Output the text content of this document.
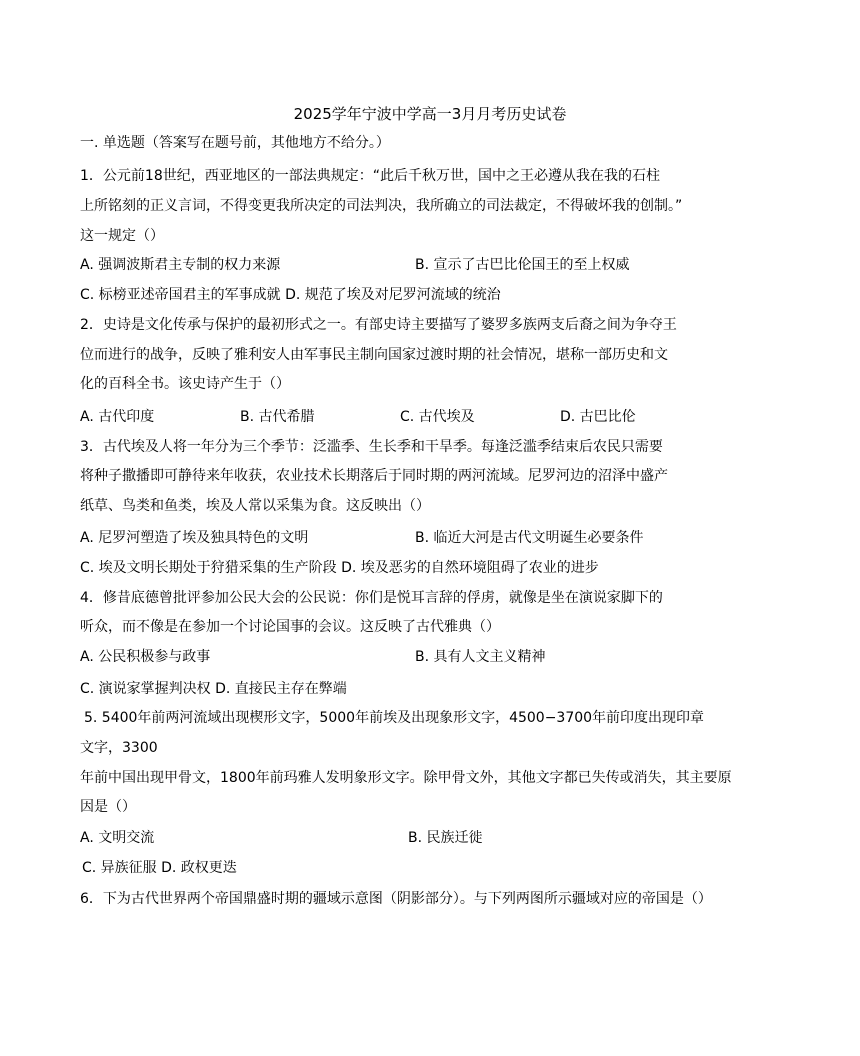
2025学年宁波中学高一3月月考历史试卷
一. 单选题（答案写在题号前，其他地方不给分。）
1．公元前18世纪，西亚地区的一部法典规定：“此后千秋万世，国中之王必遵从我在我的石柱
上所铭刻的正义言词，不得变更我所决定的司法判决，我所确立的司法裁定，不得破坏我的创制。”
这一规定（）
A. 强调波斯君主专制的权力来源	B. 宣示了古巴比伦国王的至上权威
C. 标榜亚述帝国君主的军事成就 D. 规范了埃及对尼罗河流域的统治
2．史诗是文化传承与保护的最初形式之一。有部史诗主要描写了婆罗多族两支后裔之间为争夺王
位而进行的战争，反映了雅利安人由军事民主制向国家过渡时期的社会情况，堪称一部历史和文
化的百科全书。该史诗产生于（）
A. 古代印度	B. 古代希腊	C. 古代埃及	D. 古巴比伦
3．古代埃及人将一年分为三个季节：泛滥季、生长季和干旱季。每逢泛滥季结束后农民只需要
将种子撒播即可静待来年收获，农业技术长期落后于同时期的两河流域。尼罗河边的沼泽中盛产
纸草、鸟类和鱼类，埃及人常以采集为食。这反映出（）
A. 尼罗河塑造了埃及独具特色的文明	B. 临近大河是古代文明诞生必要条件
C. 埃及文明长期处于狩猎采集的生产阶段 D. 埃及恶劣的自然环境阻碍了农业的进步
4．修昔底德曾批评参加公民大会的公民说：你们是悦耳言辞的俘虏，就像是坐在演说家脚下的
听众，而不像是在参加一个讨论国事的会议。这反映了古代雅典（）
A. 公民积极参与政事	B. 具有人文主义精神
C. 演说家掌握判决权 D. 直接民主存在弊端
5. 5400年前两河流域出现楔形文字，5000年前埃及出现象形文字，4500−3700年前印度出现印章
文字，3300
年前中国出现甲骨文，1800年前玛雅人发明象形文字。除甲骨文外，其他文字都已失传或消失，其主要原
因是（）
A. 文明交流	B. 民族迁徙
C. 异族征服 D. 政权更迭
6．下为古代世界两个帝国鼎盛时期的疆域示意图（阴影部分）。与下列两图所示疆域对应的帝国是（）
